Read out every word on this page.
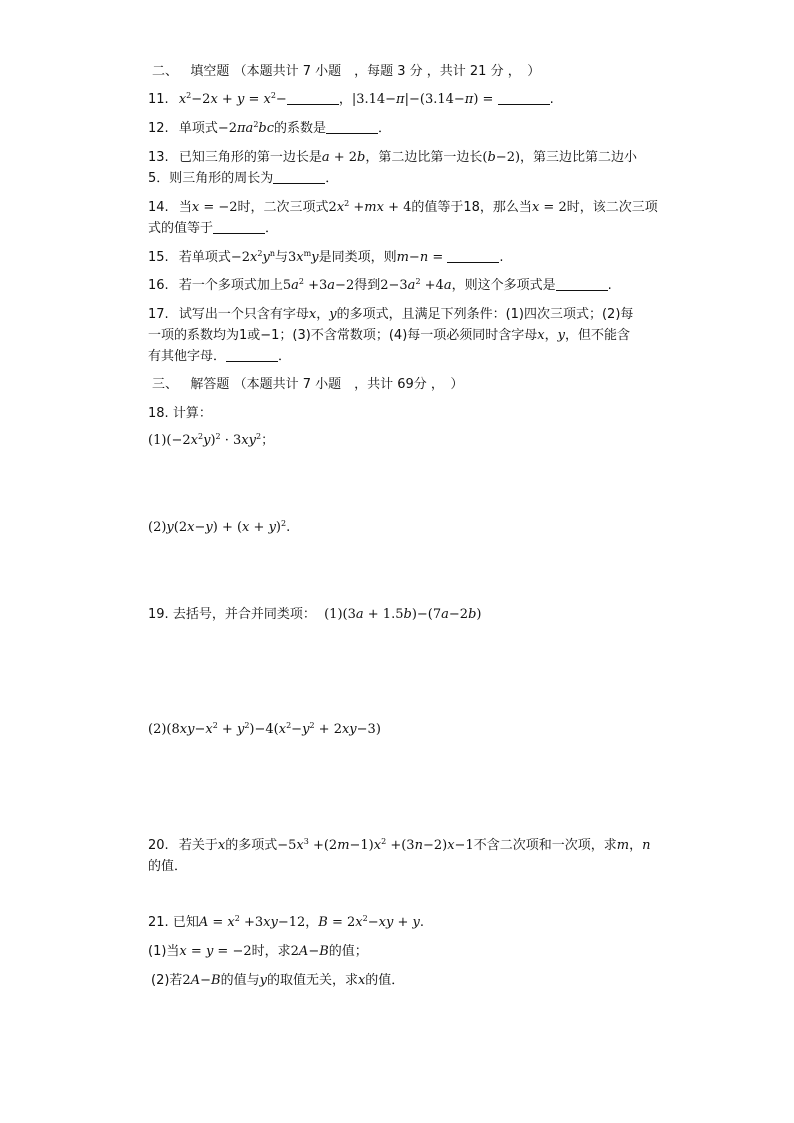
二、 填空题 （本题共计 7 小题　，每题 3 分 ，共计 21 分 ，　）
11. $x^2-2x + y = x^2-$	，|3.14−π|−(3.14−π) =	.
12. 单项式$-2\pi a^2bc$的系数是	．
13. 已知三角形的第一边长是a + 2b，第二边比第一边长(b−2)，第三边比第二边小
5．则三角形的周长为	．
14. 当x = −2时，二次三项式$2x^2 +mx + 4$的值等于18，那么当x = 2时，该二次三项
式的值等于	．
15. 若单项式$-2x^2y^n$与$3x^my$是同类项，则m−n =	.
16. 若一个多项式加上$5a^2 +3a-2$得到$2-3a^2 +4a$，则这个多项式是	.
17. 试写出一个只含有字母x，y的多项式，且满足下列条件：(1)四次三项式；(2)每
一项的系数均为1或−1；(3)不含常数项；(4)每一项必须同时含字母x，y，但不能含
有其他字母．	．
三、 解答题 （本题共计 7 小题　，共计 69分 ，　）
18. 计算：
$(1)(-2x^2y)^2 \cdot 3xy^2$；
$(2)y(2x-y) + (x + y)^2$.
19. 去括号，并合并同类项： (1)(3a + 1.5b)−(7a−2b)
$(2)(8xy-x^2 + y^2)-4(x^2-y^2 + 2xy-3)$
20. 若关于x的多项式$-5x^3 +(2m-1)x^2 +(3n-2)x-1$不含二次项和一次项，求m，n
的值．
21. 已知$A = x^2 +3xy-12$，$B = 2x^2-xy + y$.
(1)当x = y = −2时，求2A−B的值；
(2)若2A−B的值与y的取值无关，求x的值．
